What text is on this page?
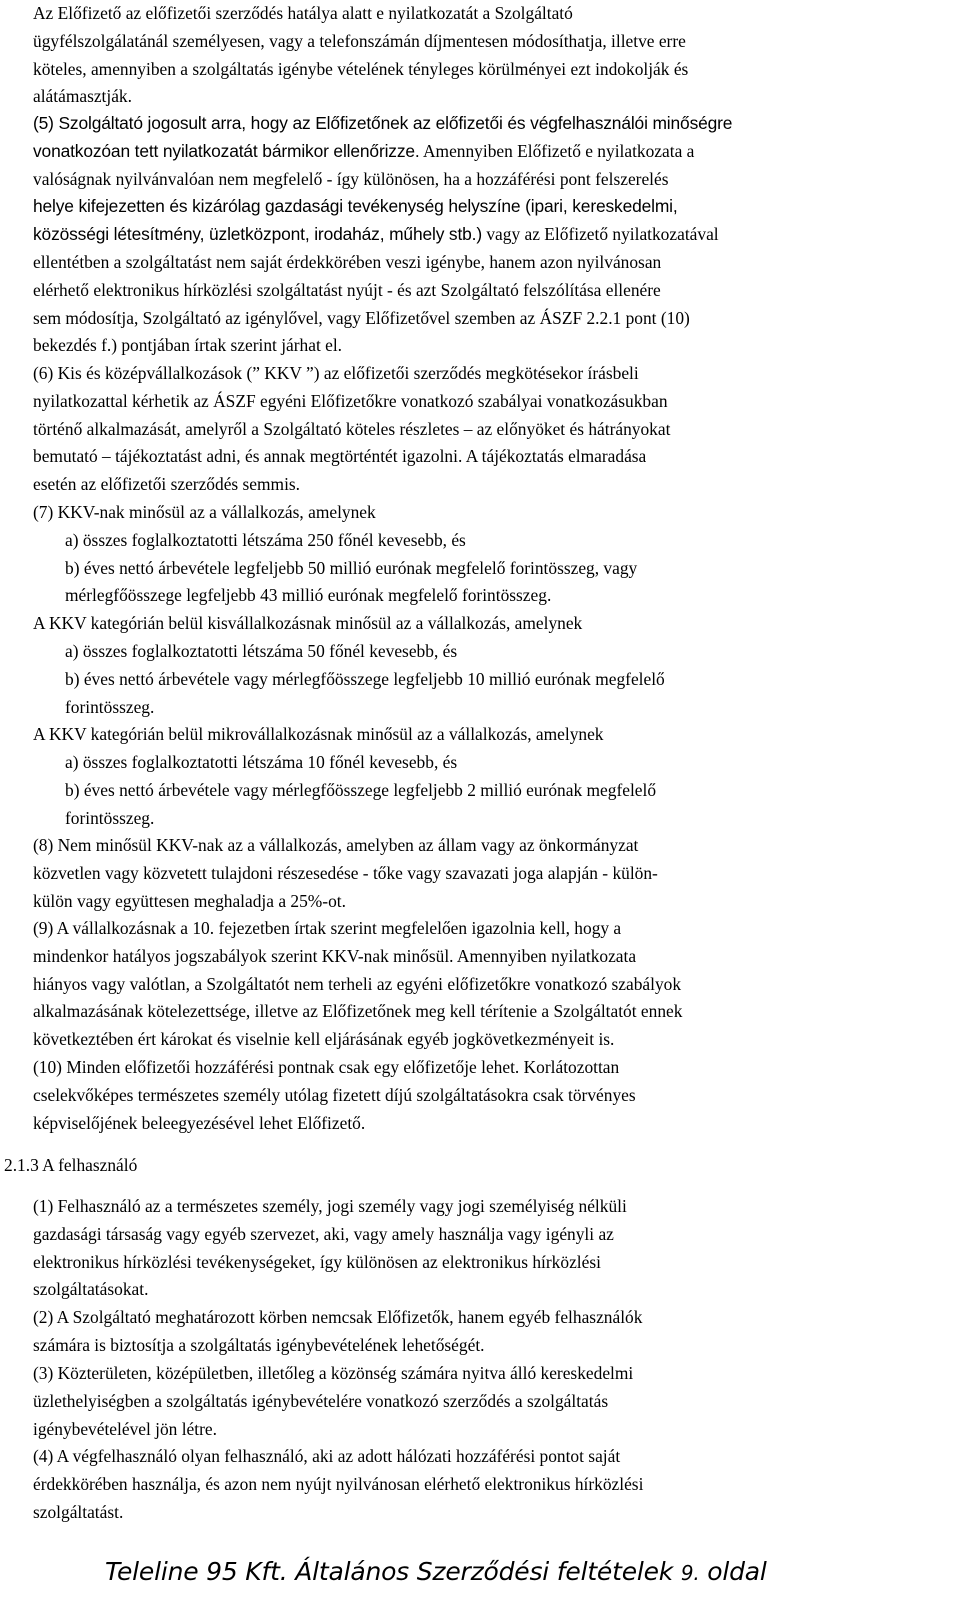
Az Előfizető az előfizetői szerződés hatálya alatt e nyilatkozatát a Szolgáltató
ügyfélszolgálatánál személyesen, vagy a telefonszámán díjmentesen módosíthatja, illetve erre
köteles, amennyiben a szolgáltatás igénybe vételének tényleges körülményei ezt indokolják és
alátámasztják.
(5) Szolgáltató jogosult arra, hogy az Előfizetőnek az előfizetői és végfelhasználói minőségre
vonatkozóan tett nyilatkozatát bármikor ellenőrizze. Amennyiben Előfizető e nyilatkozata a
valóságnak nyilvánvalóan nem megfelelő - így különösen, ha a hozzáférési pont felszerelés
helye kifejezetten és kizárólag gazdasági tevékenység helyszíne (ipari, kereskedelmi,
közösségi létesítmény, üzletközpont, irodaház, műhely stb.) vagy az Előfizető nyilatkozatával
ellentétben a szolgáltatást nem saját érdekkörében veszi igénybe, hanem azon nyilvánosan
elérhető elektronikus hírközlési szolgáltatást nyújt - és azt Szolgáltató felszólítása ellenére
sem módosítja, Szolgáltató az igénylővel, vagy Előfizetővel szemben az ÁSZF 2.2.1 pont (10)
bekezdés f.) pontjában írtak szerint járhat el.
(6) Kis és középvállalkozások (” KKV ”) az előfizetői szerződés megkötésekor írásbeli
nyilatkozattal kérhetik az ÁSZF egyéni Előfizetőkre vonatkozó szabályai vonatkozásukban
történő alkalmazását, amelyről a Szolgáltató köteles részletes – az előnyöket és hátrányokat
bemutató – tájékoztatást adni, és annak megtörténtét igazolni. A tájékoztatás elmaradása
esetén az előfizetői szerződés semmis.
(7) KKV-nak minősül az a vállalkozás, amelynek
a) összes foglalkoztatotti létszáma 250 főnél kevesebb, és
b) éves nettó árbevétele legfeljebb 50 millió eurónak megfelelő forintösszeg, vagy
mérlegfőösszege legfeljebb 43 millió eurónak megfelelő forintösszeg.
A KKV kategórián belül kisvállalkozásnak minősül az a vállalkozás, amelynek
a) összes foglalkoztatotti létszáma 50 főnél kevesebb, és
b) éves nettó árbevétele vagy mérlegfőösszege legfeljebb 10 millió eurónak megfelelő
forintösszeg.
A KKV kategórián belül mikrovállalkozásnak minősül az a vállalkozás, amelynek
a) összes foglalkoztatotti létszáma 10 főnél kevesebb, és
b) éves nettó árbevétele vagy mérlegfőösszege legfeljebb 2 millió eurónak megfelelő
forintösszeg.
(8) Nem minősül KKV-nak az a vállalkozás, amelyben az állam vagy az önkormányzat
közvetlen vagy közvetett tulajdoni részesedése - tőke vagy szavazati joga alapján - külön-
külön vagy együttesen meghaladja a 25%-ot.
(9) A vállalkozásnak a 10. fejezetben írtak szerint megfelelően igazolnia kell, hogy a
mindenkor hatályos jogszabályok szerint KKV-nak minősül. Amennyiben nyilatkozata
hiányos vagy valótlan, a Szolgáltatót nem terheli az egyéni előfizetőkre vonatkozó szabályok
alkalmazásának kötelezettsége, illetve az Előfizetőnek meg kell térítenie a Szolgáltatót ennek
következtében ért károkat és viselnie kell eljárásának egyéb jogkövetkezményeit is.
(10) Minden előfizetői hozzáférési pontnak csak egy előfizetője lehet. Korlátozottan
cselekvőképes természetes személy utólag fizetett díjú szolgáltatásokra csak törvényes
képviselőjének beleegyezésével lehet Előfizető.
2.1.3 A felhasználó
(1) Felhasználó az a természetes személy, jogi személy vagy jogi személyiség nélküli
gazdasági társaság vagy egyéb szervezet, aki, vagy amely használja vagy igényli az
elektronikus hírközlési tevékenységeket, így különösen az elektronikus hírközlési
szolgáltatásokat.
(2) A Szolgáltató meghatározott körben nemcsak Előfizetők, hanem egyéb felhasználók
számára is biztosítja a szolgáltatás igénybevételének lehetőségét.
(3) Közterületen, középületben, illetőleg a közönség számára nyitva álló kereskedelmi
üzlethelyiségben a szolgáltatás igénybevételére vonatkozó szerződés a szolgáltatás
igénybevételével jön létre.
(4) A végfelhasználó olyan felhasználó, aki az adott hálózati hozzáférési pontot saját
érdekkörében használja, és azon nem nyújt nyilvánosan elérhető elektronikus hírközlési
szolgáltatást.
Teleline 95 Kft. Általános Szerződési feltételek 9. oldal
